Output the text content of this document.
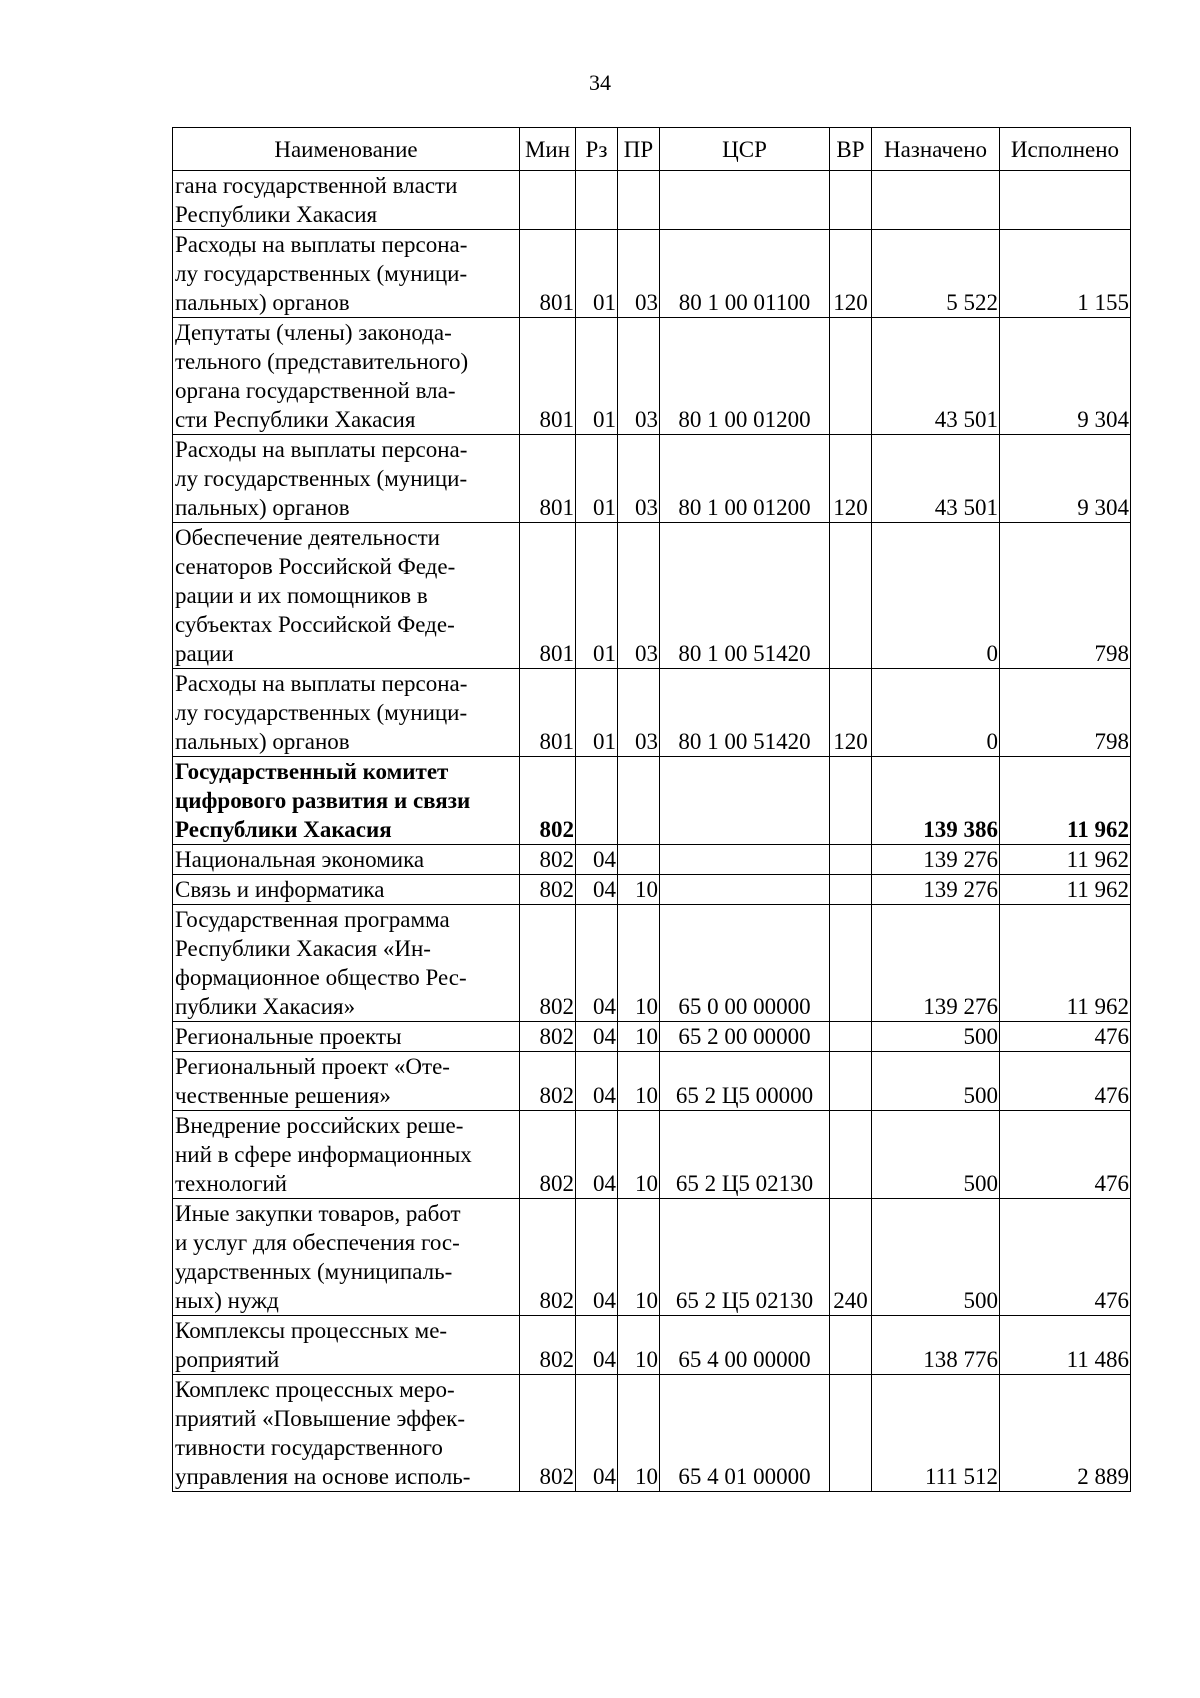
34
Наименование	Мин	Рз	ПР	ЦСР	ВР	Назначено	Исполнено

гана государственной власти
Республики Хакасия							

Расходы на выплаты персона-
лу государственных (муници-
пальных) органов	801	01	03	80 1 00 01100	120	5 522	1 155

Депутаты (члены) законода-
тельного (представительного)
органа государственной вла-
сти Республики Хакасия	801	01	03	80 1 00 01200		43 501	9 304

Расходы на выплаты персона-
лу государственных (муници-
пальных) органов	801	01	03	80 1 00 01200	120	43 501	9 304

Обеспечение деятельности
сенаторов Российской Феде-
рации и их помощников в
субъектах Российской Феде-
рации	801	01	03	80 1 00 51420		0	798

Расходы на выплаты персона-
лу государственных (муници-
пальных) органов	801	01	03	80 1 00 51420	120	0	798

Государственный комитет
цифрового развития и связи
Республики Хакасия	802					139 386	11 962

Национальная экономика	802	04				139 276	11 962

Связь и информатика	802	04	10			139 276	11 962

Государственная программа
Республики Хакасия «Ин-
формационное общество Рес-
публики Хакасия»	802	04	10	65 0 00 00000		139 276	11 962

Региональные проекты	802	04	10	65 2 00 00000		500	476

Региональный проект «Оте-
чественные решения»	802	04	10	65 2 Ц5 00000		500	476

Внедрение российских реше-
ний в сфере информационных
технологий	802	04	10	65 2 Ц5 02130		500	476

Иные закупки товаров, работ
и услуг для обеспечения гос-
ударственных (муниципаль-
ных) нужд	802	04	10	65 2 Ц5 02130	240	500	476

Комплексы процессных ме-
роприятий	802	04	10	65 4 00 00000		138 776	11 486

Комплекс процессных меро-
приятий «Повышение эффек-
тивности государственного
управления на основе исполь-	802	04	10	65 4 01 00000		111 512	2 889
